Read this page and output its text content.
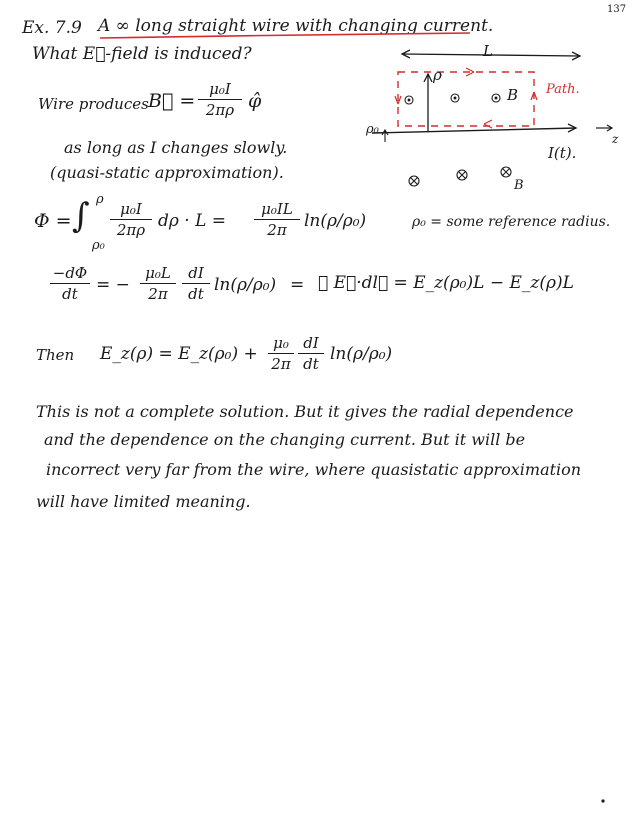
137
Ex. 7.9 A ∞ long straight wire with changing current.
What E⃗-field is induced?
Wire produces B⃗ =
μ₀I
2πρ φ̂
as long as I changes slowly.
(quasi-static approximation).
Φ = ∫ ρ
ρ₀
μ₀I
2πρ dρ · L =
μ₀IL
2π	ln(ρ/ρ₀)	ρ₀ = some reference radius.
−dΦ
dt	= −
μ₀L
2π
dI
dt ln(ρ/ρ₀) = ∮ E⃗·dl⃗ = E_z(ρ₀)L − E_z(ρ)L
Then E_z(ρ) = E_z(ρ₀) +
μ₀
2π
dI
dt ln(ρ/ρ₀)
This is not a complete solution. But it gives the radial dependence
and the dependence on the changing current. But it will be
incorrect very far from the wire, where quasistatic approximation
will have limited meaning.
L
ρ
B Path.
ρ₀
I(t).
z
B
